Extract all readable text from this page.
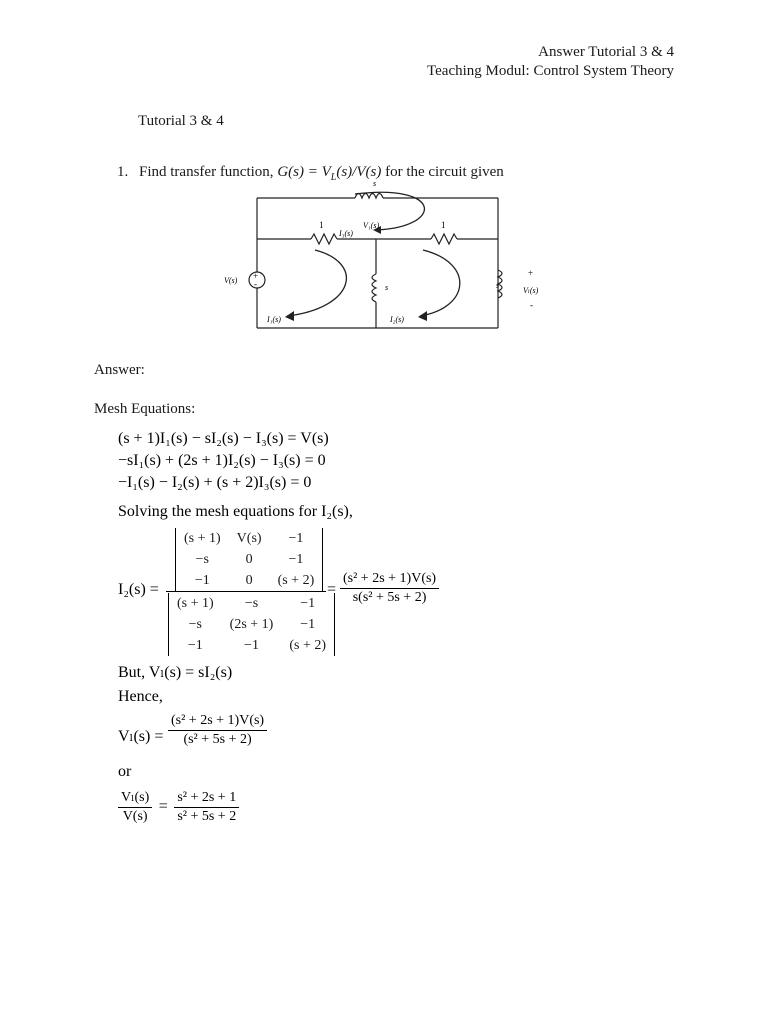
Answer Tutorial 3 & 4
Teaching Modul: Control System Theory
Tutorial 3 & 4
1. Find transfer function, $G(s) = V_L(s)/V(s)$ for the circuit given
+
-
s
1	1
I₃(s)
V₁(s)
V(s)
s	s
I₁(s)	I₂(s)
+
Vₗ(s)
-
Answer:
Mesh Equations:
(s + 1)I₁(s) − sI₂(s) − I₃(s) = V(s)
−sI₁(s) + (2s + 1)I₂(s) − I₃(s) = 0
−I₁(s) − I₂(s) + (s + 2)I₃(s) = 0
Solving the mesh equations for I₂(s),
I₂(s) =
(s + 1)	V(s)	−1
−s	0	−1
−1	0	(s + 2)
(s + 1)	−s	−1
−s	(2s + 1)	−1
−1	−1	(s + 2)
= $\frac{\text{(s² + 2s + 1)V(s)}}{\text{s(s² + 5s + 2)}}$
But, Vₗ(s) = sI₂(s)
Hence,
$V_l(s) = \frac{\text{(s² + 2s + 1)V(s)}}{\text{(s² + 5s + 2)}}$
or
$\frac{\text{Vₗ(s)}}{V(s)} = \frac{\text{s² + 2s + 1}}{\text{s² + 5s + 2}}$
